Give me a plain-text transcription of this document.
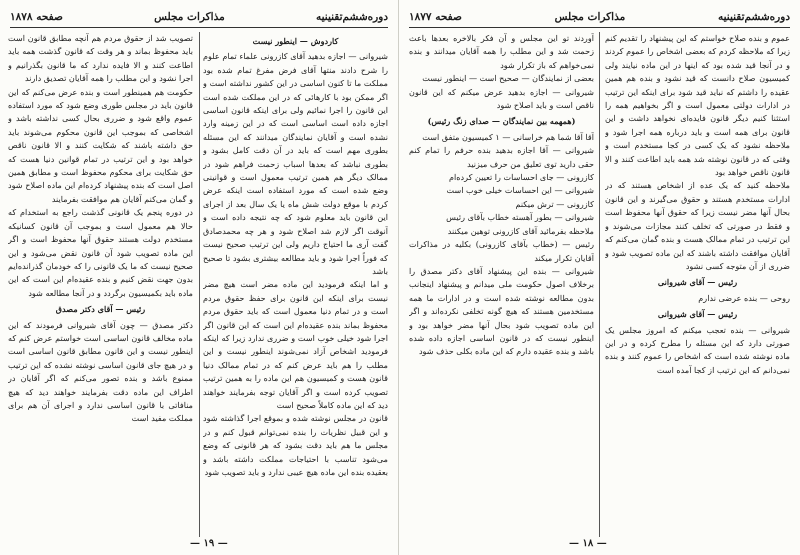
دوره‌ششم‌تقنینیه
مذاکرات مجلس
صفحه ۱۸۷۸

کاردوش — اینطور نیست

شیروانی — اجازه بدهید آقای کازرونی علماء تمام علوم را شرح دادند منتها آقای فرض مفرغ تمام شده بود مملکت ما تا کنون اساسی در این کشور نداشته است و اگر ممکن بود با کارهائی که در این مملکت شده است این قانون را اجرا نمائیم ولی برای اینکه قانون اساسی اجازه داده است اساسی است که در این زمینه وارد نشده است و آقایان نمایندگان میدانند که این مسئله بطوری مهم است که باید در آن دقت کامل بشود و بطوری نباشد که بعدها اسباب زحمت فراهم شود در ممالک دیگر هم همین ترتیب معمول است و قوانینی وضع شده است که مورد استفاده است اینکه عرض کردم با موقع دولت شش ماه یا یک سال بعد از اجرای این قانون باید معلوم شود که چه نتیجه داده است و آنوقت اگر لازم شد اصلاح شود و هر چه محمدصادق گفت آری ما احتیاج داریم ولی این ترتیب صحیح نیست که فوراً اجرا شود و باید مطالعه بیشتری بشود تا صحیح باشد

و اما اینکه فرمودید این ماده مضر است هیچ مضر نیست برای اینکه این قانون برای حفظ حقوق مردم است و در تمام دنیا معمول است که باید حقوق مردم محفوظ بماند بنده عقیده‌ام این است که این قانون اگر اجرا شود خیلی خوب است و ضرری ندارد زیرا که اینکه فرمودید اشخاص آزاد نمی‌شوند اینطور نیست و این مطلب را هم باید عرض کنم که در تمام ممالک دنیا قانون هست و کمیسیون هم این ماده را به همین ترتیب تصویب کرده است و اگر آقایان توجه بفرمایند خواهند دید که این ماده کاملاً صحیح است

قانون در مجلس نوشته شده و بموقع اجرا گذاشته شود و این قبیل نظریات را بنده نمی‌توانم قبول کنم و در مجلس ما هم باید دقت بشود که هر قانونی که وضع می‌شود تناسب با احتیاجات مملکت داشته باشد و بعقیده بنده این ماده هیچ عیبی ندارد و باید تصویب شود

تصویب شد از حقوق مردم هم آنچه مطابق قانون است باید محفوظ بماند و هر وقت که قانون گذشت همه باید اطاعت کنند و الا فایده ندارد که ما قانون بگذرانیم و اجرا نشود و این مطلب را همه آقایان تصدیق دارند

حکومت هم همینطور است و بنده عرض می‌کنم که این قانون باید در مجلس طوری وضع شود که مورد استفاده عموم واقع شود و ضرری بحال کسی نداشته باشد و اشخاصی که بموجب این قانون محکوم می‌شوند باید حق داشته باشند که شکایت کنند و الا قانون ناقص خواهد بود و این ترتیب در تمام قوانین دنیا هست که حق شکایت برای محکوم محفوظ است و مطابق همین اصل است که بنده پیشنهاد کرده‌ام این ماده اصلاح شود و گمان می‌کنم آقایان هم موافقت بفرمایند

در دوره پنجم یک قانونی گذشت راجع به استخدام که حالا هم معمول است و بموجب آن قانون کسانیکه مستخدم دولت هستند حقوق آنها محفوظ است و اگر این ماده تصویب شود آن قانون نقض می‌شود و این صحیح نیست که ما یک قانونی را که خودمان گذرانده‌ایم بدون جهت نقض کنیم و بنده عقیده‌ام این است که این ماده باید بکمیسیون برگردد و در آنجا مطالعه شود

رئیس — آقای دکتر مصدق

دکتر مصدق — چون آقای شیروانی فرمودند که این ماده مخالف قانون اساسی است خواستم عرض کنم که اینطور نیست و این قانون مطابق قانون اساسی است و در هیچ جای قانون اساسی نوشته نشده که این ترتیب ممنوع باشد و بنده تصور می‌کنم که اگر آقایان در اطراف این ماده دقت بفرمایند خواهند دید که هیچ منافاتی با قانون اساسی ندارد و اجرای آن هم برای مملکت مفید است

— ١٩ —
دوره‌ششم‌تقنینیه
مذاکرات مجلس
صفحه ۱۸۷۷

عموم و بنده صلاح خواستم که این پیشنهاد را تقدیم کنم زیرا که ملاحظه کردم که بعضی اشخاص را عموم کردند و در آنجا قید شده بود که اینها در این ماده نیایند ولی کمیسیون صلاح دانست که قید نشود و بنده هم همین عقیده را داشتم که نباید قید شود برای اینکه این ترتیب در ادارات دولتی معمول است و اگر بخواهیم همه را استثنا کنیم دیگر قانون فایده‌ای نخواهد داشت و این قانون برای همه است و باید درباره همه اجرا شود و ملاحظه نشود که یک کسی در کجا مستخدم است و وقتی که در قانون نوشته شد همه باید اطاعت کنند و الا قانون ناقص خواهد بود

ملاحظه کنید که یک عده از اشخاص هستند که در ادارات مستخدم هستند و حقوق می‌گیرند و این قانون بحال آنها مضر نیست زیرا که حقوق آنها محفوظ است و فقط در صورتی که تخلف کنند مجازات می‌شوند و این ترتیب در تمام ممالک هست و بنده گمان می‌کنم که آقایان موافقت داشته باشند که این ماده تصویب شود و ضرری از آن متوجه کسی نشود

رئیس — آقای شیروانی

روحی — بنده عرضی ندارم

رئیس — آقای شیروانی

شیروانی — بنده تعجب میکنم که امروز مجلس یک صورتی دارد که این مسئله را مطرح کرده و در این ماده نوشته شده است که اشخاص را عموم کنند و بنده نمی‌دانم که این ترتیب از کجا آمده است

آوردند تو این مجلس و آن فکر بالاخره بعدها باعث زحمت شد و این مطلب را همه آقایان میدانند و بنده نمی‌خواهم که باز تکرار شود

بعضی از نمایندگان — صحیح است — اینطور نیست

شیروانی — اجازه بدهید عرض میکنم که این قانون ناقص است و باید اصلاح شود

(همهمه بین نمایندگان — صدای زنگ رئیس)

آقا آقا شما هم خراسانی — ۱ کمیسیون متفق است

شیروانی — آقا اجازه بدهید بنده حرفم را تمام کنم حقی دارید توی تعلیق من حرف میزنید

کازرونی — جای احساسات را تعیین کرده‌ام

شیروانی — این احساسات خیلی خوب است

کازرونی — ترش میکنم

شیروانی — بطور آهسته خطاب بآقای رئیس

ملاحظه بفرمائید آقای کازرونی توهین میکنند

رئیس — (خطاب بآقای کازرونی) بکلیه در مذاکرات آقایان تکرار میکند

شیروانی — بنده این پیشنهاد آقای دکتر مصدق را برخلاف اصول حکومت ملی میدانم و پیشنهاد اینجانب بدون مطالعه نوشته شده است و در ادارات ما همه مستخدمین هستند که هیچ گونه تخلفی نکرده‌اند و اگر این ماده تصویب شود بحال آنها مضر خواهد بود و اینطور نیست که در قانون اساسی اجازه داده شده باشد و بنده عقیده دارم که این ماده بکلی حذف شود

— ١٨ —
